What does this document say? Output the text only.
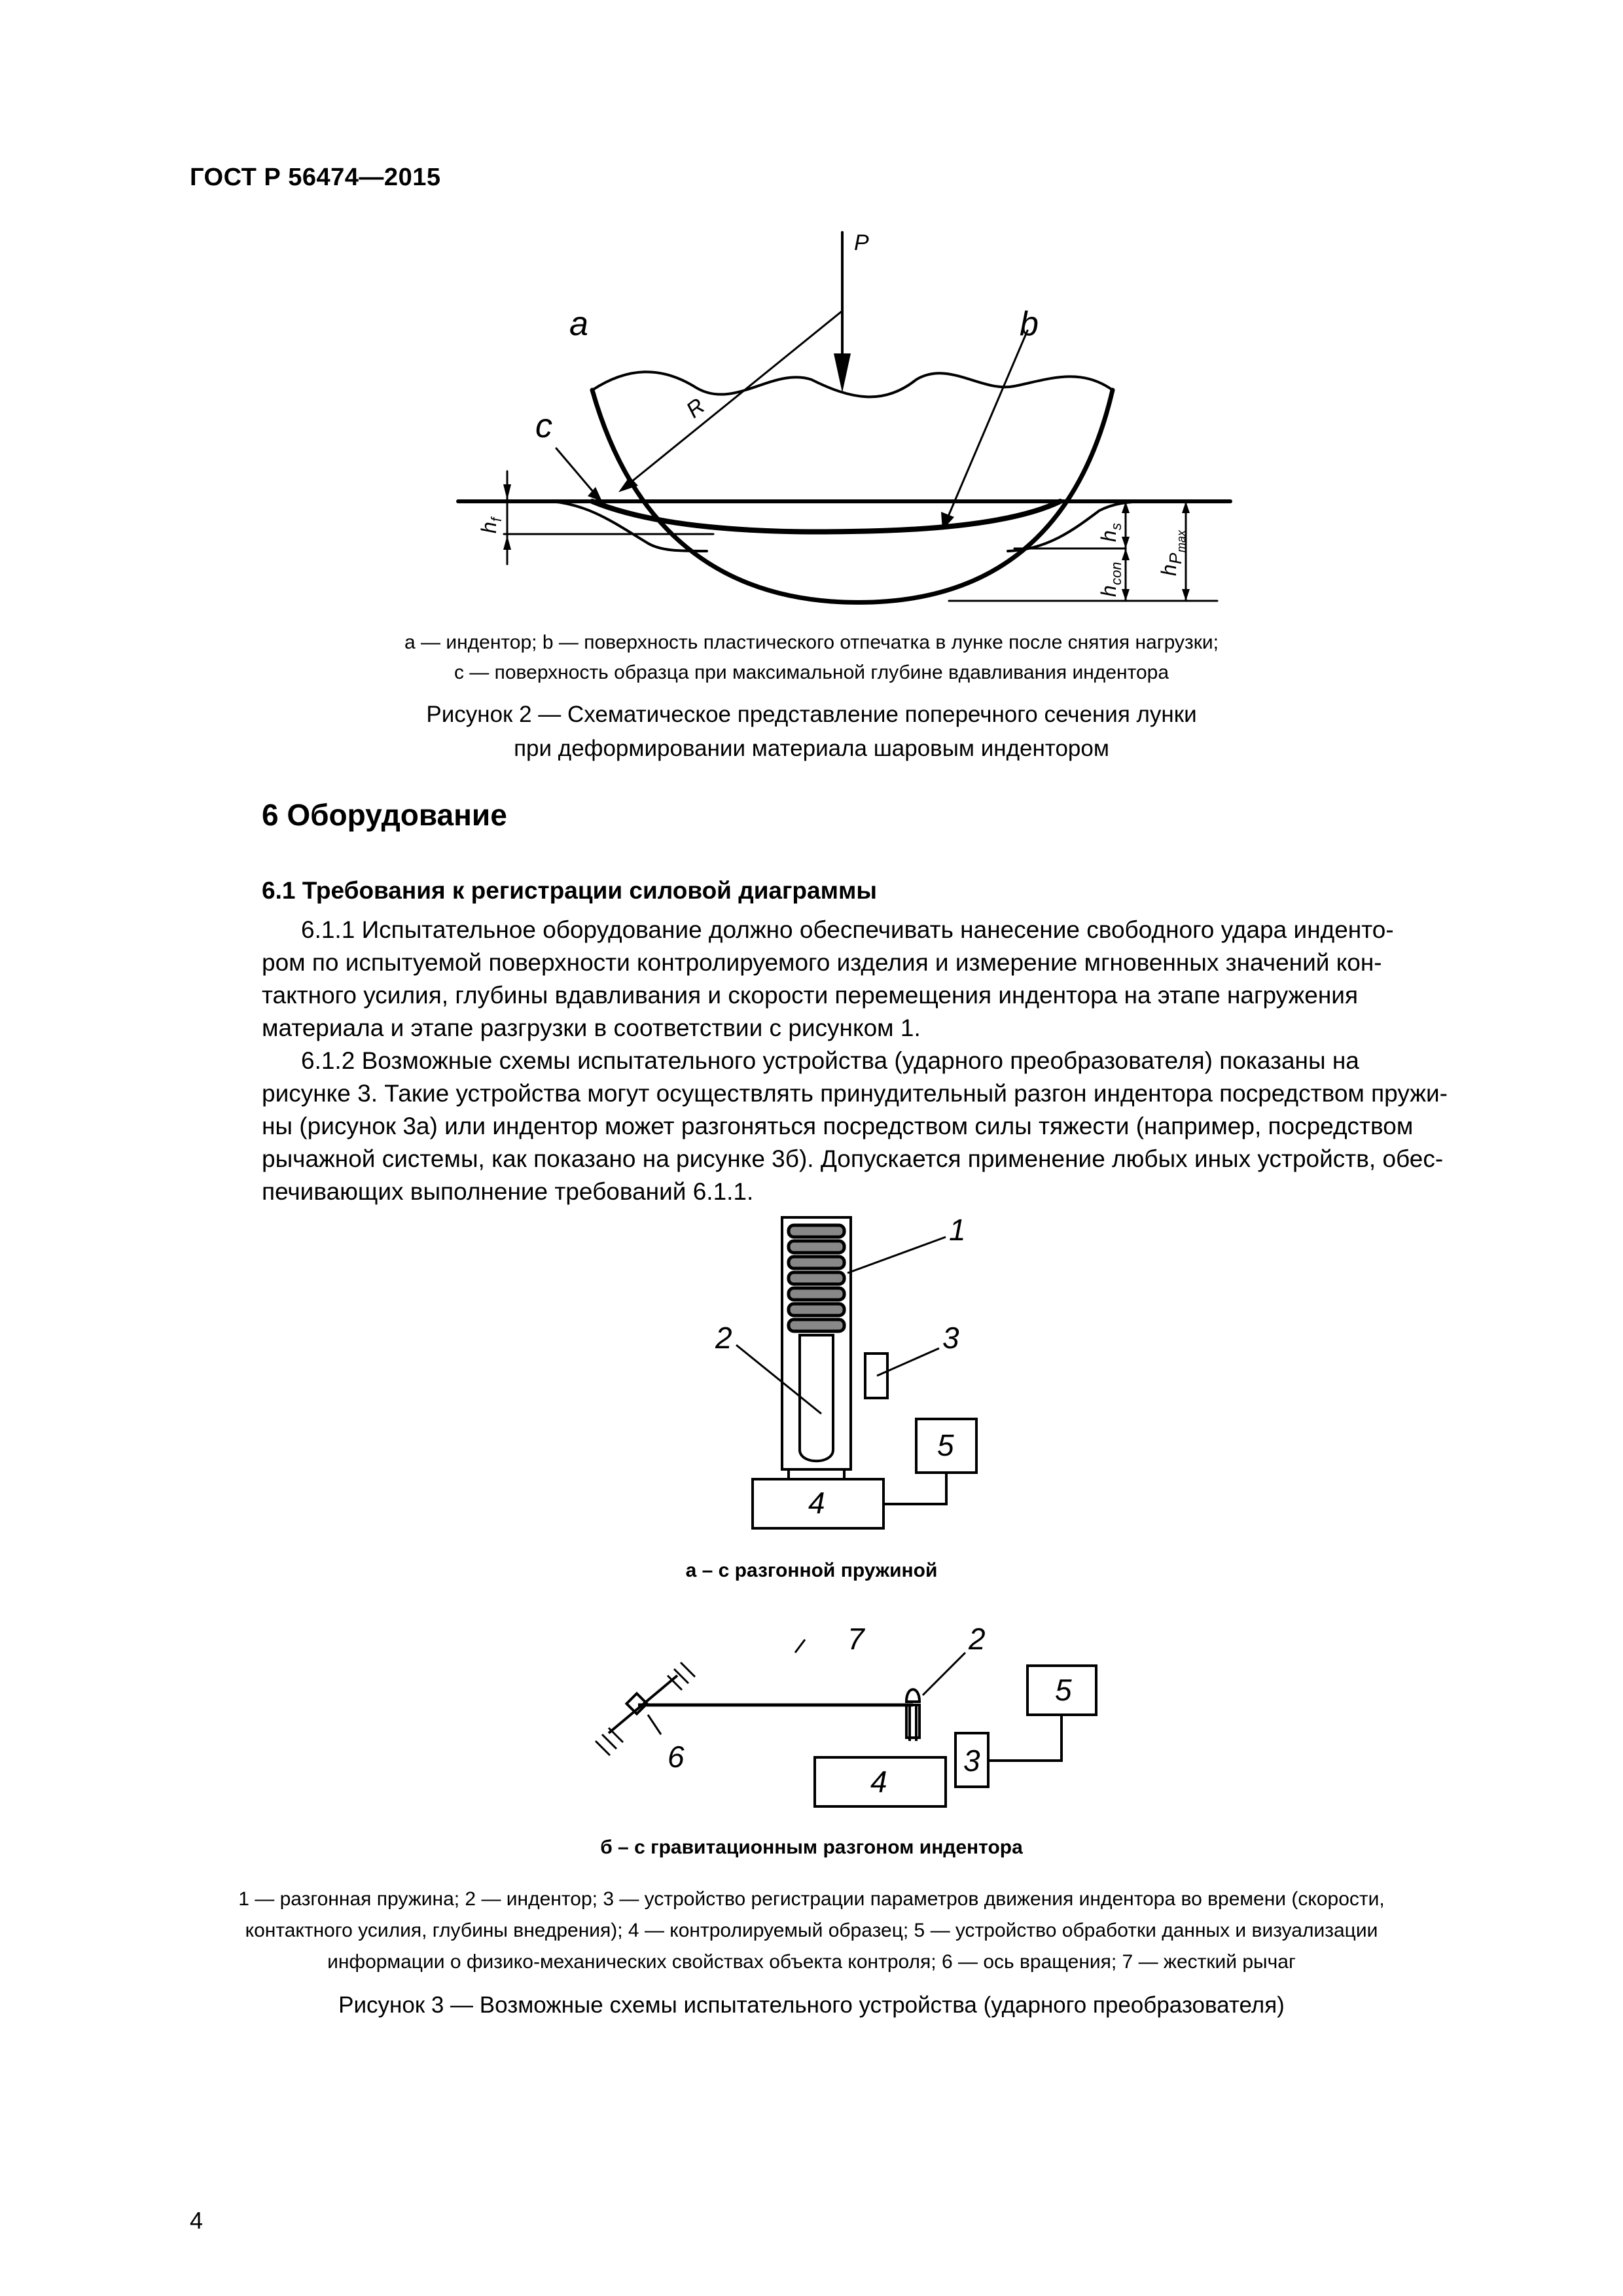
ГОСТ Р 56474—2015
P
a	b
c	R
h
f
h
s
h
con h
P
max
a — индентор; b — поверхность пластического отпечатка в лунке после снятия нагрузки;
c — поверхность образца при максимальной глубине вдавливания индентора
Рисунок 2 — Схематическое представление поперечного сечения лунки
при деформировании материала шаровым индентором
6 Оборудование
6.1 Требования к регистрации силовой диаграммы
6.1.1 Испытательное оборудование должно обеспечивать нанесение свободного удара инденто-
ром по испытуемой поверхности контролируемого изделия и измерение мгновенных значений кон-
тактного усилия, глубины вдавливания и скорости перемещения индентора на этапе нагружения
материала и этапе разгрузки в соответствии с рисунком 1.
6.1.2 Возможные схемы испытательного устройства (ударного преобразователя) показаны на
рисунке 3. Такие устройства могут осуществлять принудительный разгон индентора посредством пружи-
ны (рисунок 3а) или индентор может разгоняться посредством силы тяжести (например, посредством
рычажной системы, как показано на рисунке 3б). Допускается применение любых иных устройств, обес-
печивающих выполнение требований 6.1.1.
1
2	3
4
5
а – с разгонной пружиной
7	2
5
3
4
6
б – с гравитационным разгоном индентора
1 — разгонная пружина; 2 — индентор; 3 — устройство регистрации параметров движения индентора во времени (скорости,
контактного усилия, глубины внедрения); 4 — контролируемый образец; 5 — устройство обработки данных и визуализации
информации о физико-механических свойствах объекта контроля; 6 — ось вращения; 7 — жесткий рычаг
Рисунок 3 — Возможные схемы испытательного устройства (ударного преобразователя)
4
